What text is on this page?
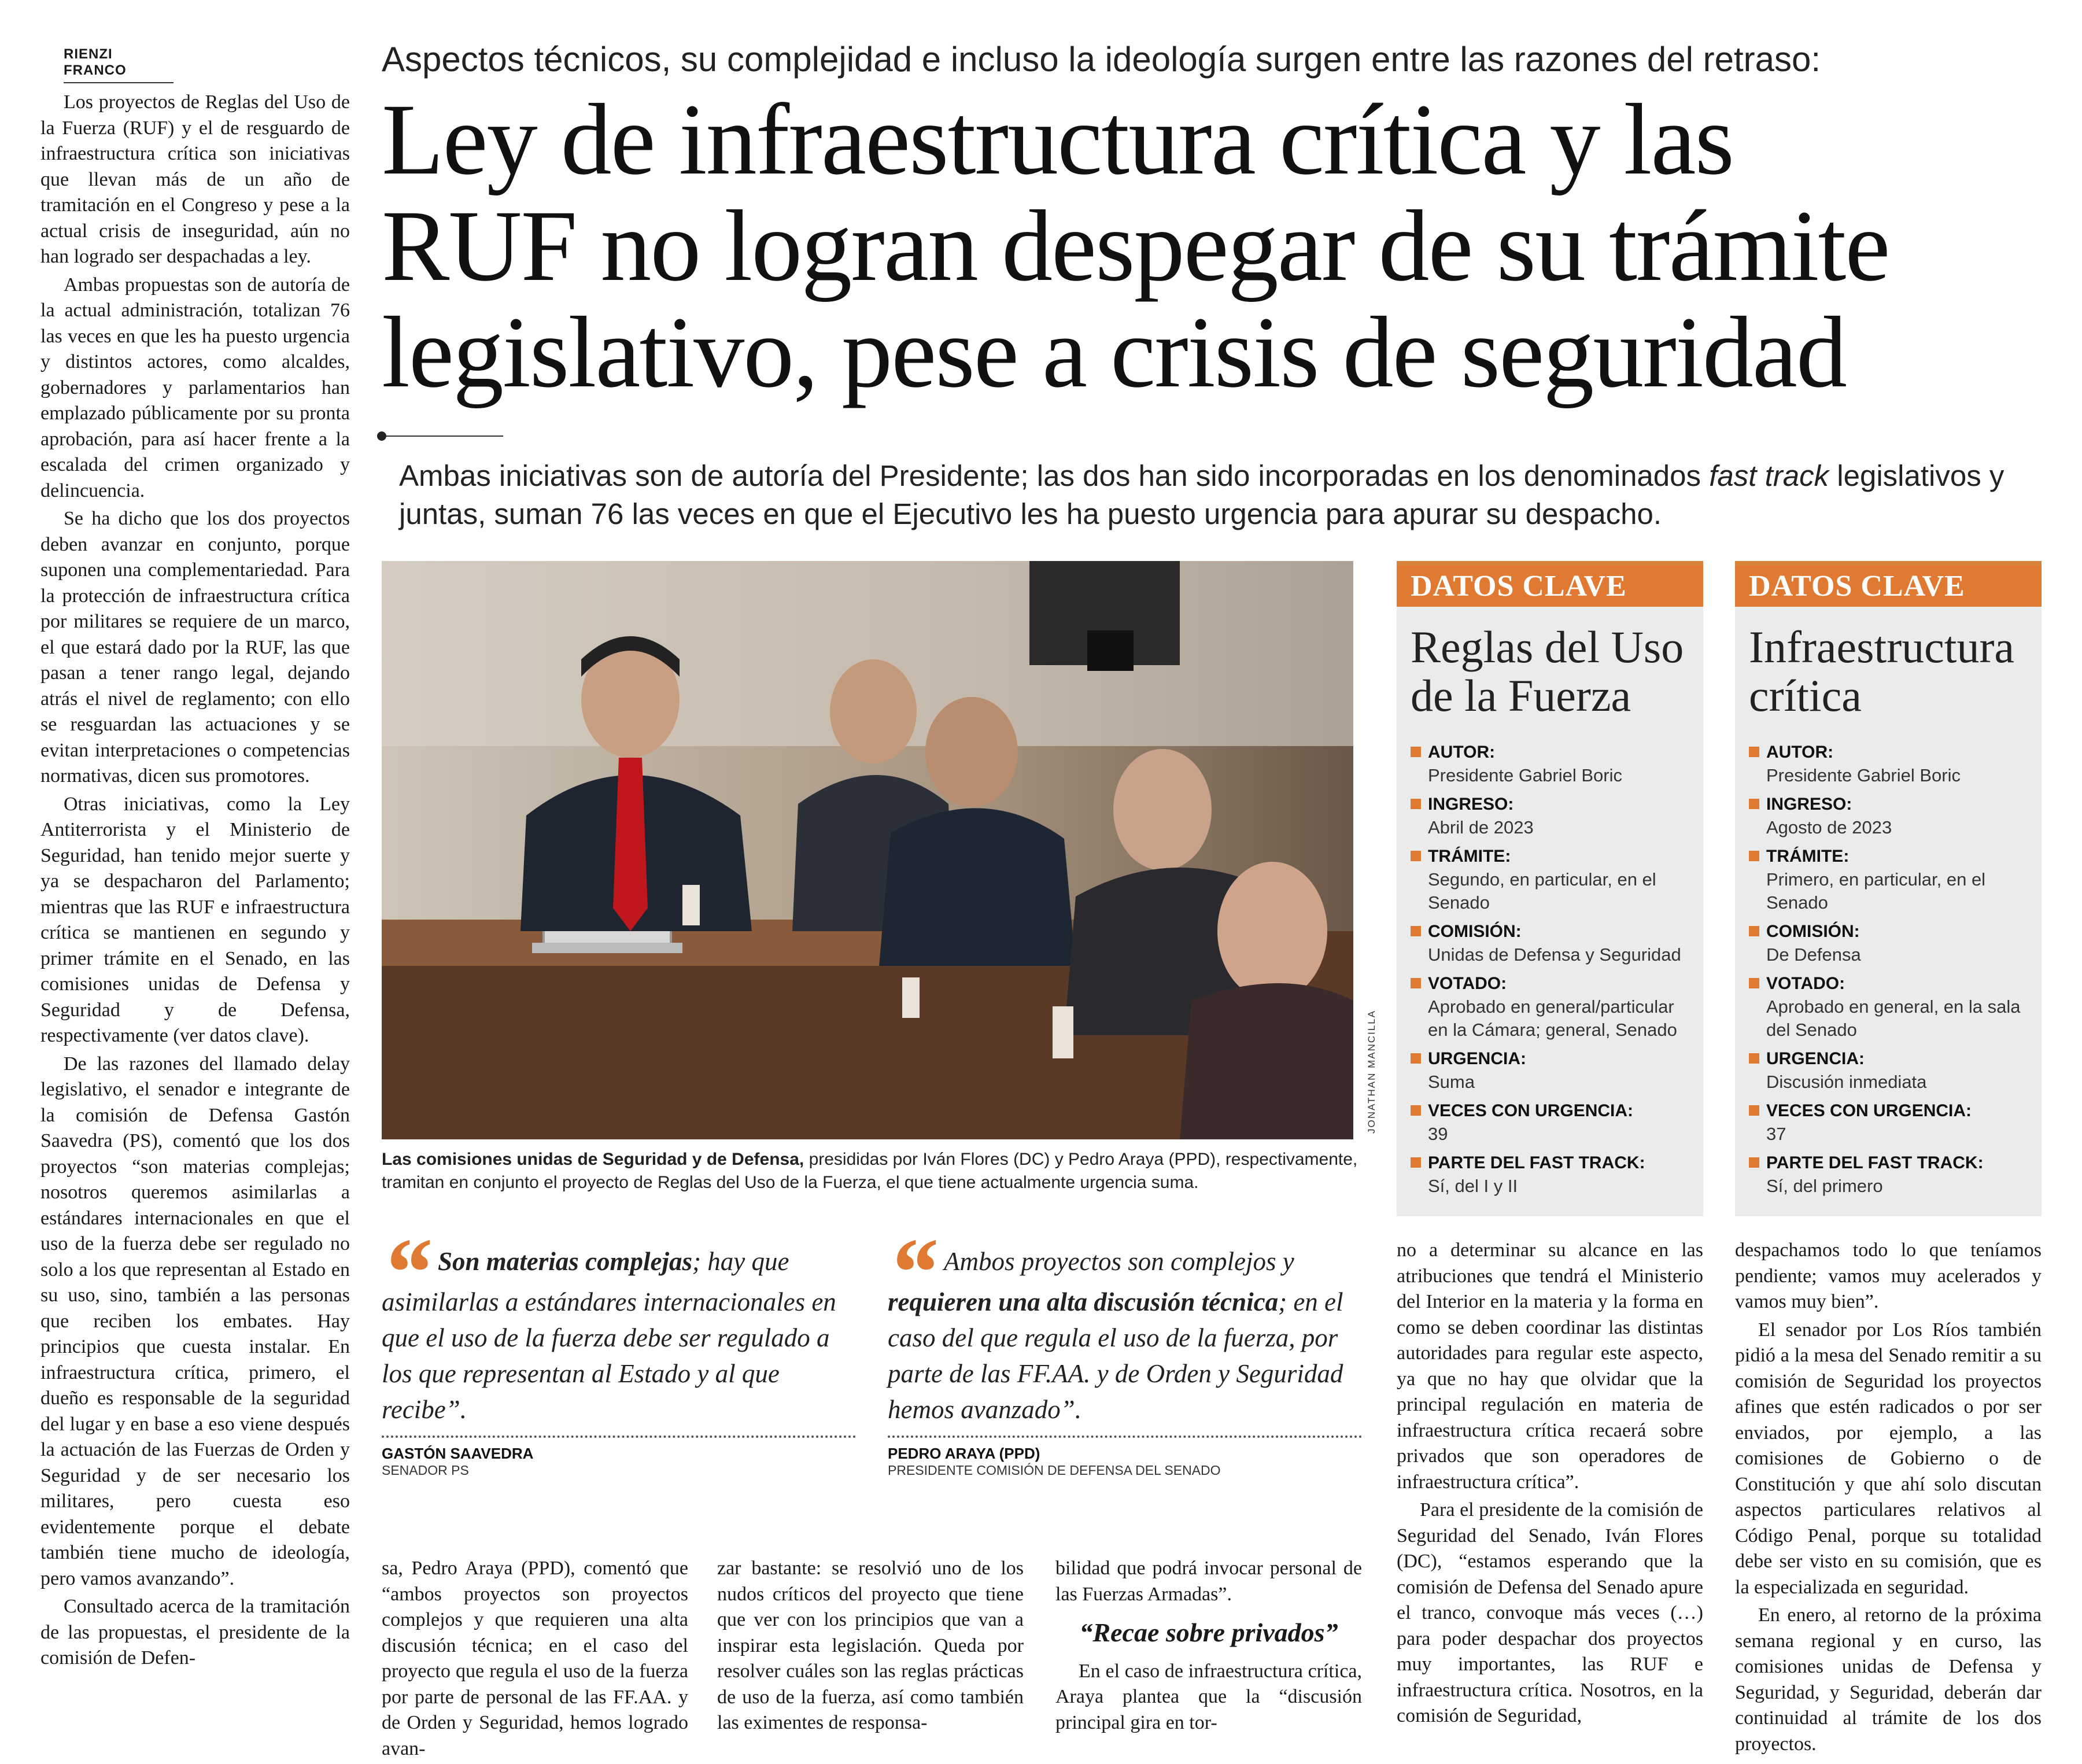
RIENZI FRANCO

Los proyectos de Reglas del Uso de la Fuerza (RUF) y el de resguardo de infraestructura crítica son iniciativas que llevan más de un año de tramitación en el Congreso y pese a la actual crisis de inseguridad, aún no han logrado ser despachadas a ley.

Ambas propuestas son de autoría de la actual administración, totalizan 76 las veces en que les ha puesto urgencia y distintos actores, como alcaldes, gobernadores y parlamentarios han emplazado públicamente por su pronta aprobación, para así hacer frente a la escalada del crimen organizado y delincuencia.

Se ha dicho que los dos proyectos deben avanzar en conjunto, porque suponen una complementariedad. Para la protección de infraestructura crítica por militares se requiere de un marco, el que estará dado por la RUF, las que pasan a tener rango legal, dejando atrás el nivel de reglamento; con ello se resguardan las actuaciones y se evitan interpretaciones o competencias normativas, dicen sus promotores.

Otras iniciativas, como la Ley Antiterrorista y el Ministerio de Seguridad, han tenido mejor suerte y ya se despacharon del Parlamento; mientras que las RUF e infraestructura crítica se mantienen en segundo y primer trámite en el Senado, en las comisiones unidas de Defensa y Seguridad y de Defensa, respectivamente (ver datos clave).

De las razones del llamado delay legislativo, el senador e integrante de la comisión de Defensa Gastón Saavedra (PS), comentó que los dos proyectos “son materias complejas; nosotros queremos asimilarlas a estándares internacionales en que el uso de la fuerza debe ser regulado no solo a los que representan al Estado en su uso, sino, también a las personas que reciben los embates. Hay principios que cuesta instalar. En infraestructura crítica, primero, el dueño es responsable de la seguridad del lugar y en base a eso viene después la actuación de las Fuerzas de Orden y Seguridad y de ser necesario los militares, pero cuesta eso evidentemente porque el debate también tiene mucho de ideología, pero vamos avanzando”.

Consultado acerca de la tramitación de las propuestas, el presidente de la comisión de Defen-

Aspectos técnicos, su complejidad e incluso la ideología surgen entre las razones del retraso:
Ley de infraestructura crítica y las
RUF no logran despegar de su trámite
legislativo, pese a crisis de seguridad
Ambas iniciativas son de autoría del Presidente; las dos han sido incorporadas en los denominados fast track legislativos y juntas, suman 76 las veces en que el Ejecutivo les ha puesto urgencia para apurar su despacho.
JONATHAN MANCILLA
Las comisiones unidas de Seguridad y de Defensa, presididas por Iván Flores (DC) y Pedro Araya (PPD), respectivamente, tramitan en conjunto el proyecto de Reglas del Uso de la Fuerza, el que tiene actualmente urgencia suma.
DATOS CLAVE
Reglas del Uso de la Fuerza
AUTOR:
Presidente Gabriel Boric
INGRESO:
Abril de 2023
TRÁMITE:
Segundo, en particular, en el Senado
COMISIÓN:
Unidas de Defensa y Seguridad
VOTADO:
Aprobado en general/particular en la Cámara; general, Senado
URGENCIA:
Suma
VECES CON URGENCIA:
39
PARTE DEL FAST TRACK:
Sí, del I y II
DATOS CLAVE
Infraestructura crítica
AUTOR:
Presidente Gabriel Boric
INGRESO:
Agosto de 2023
TRÁMITE:
Primero, en particular, en el Senado
COMISIÓN:
De Defensa
VOTADO:
Aprobado en general, en la sala del Senado
URGENCIA:
Discusión inmediata
VECES CON URGENCIA:
37
PARTE DEL FAST TRACK:
Sí, del primero
“ Son materias complejas; hay que asimilarlas a estándares internacionales en que el uso de la fuerza debe ser regulado a los que representan al Estado y al que recibe”.
GASTÓN SAAVEDRA
SENADOR PS
“ Ambos proyectos son complejos y requieren una alta discusión técnica; en el caso del que regula el uso de la fuerza, por parte de las FF.AA. y de Orden y Seguridad hemos avanzado”.
PEDRO ARAYA (PPD)
PRESIDENTE COMISIÓN DE DEFENSA DEL SENADO

sa, Pedro Araya (PPD), comentó que “ambos proyectos son proyectos complejos y que requieren una alta discusión técnica; en el caso del proyecto que regula el uso de la fuerza por parte de personal de las FF.AA. y de Orden y Seguridad, hemos logrado avan-

zar bastante: se resolvió uno de los nudos críticos del proyecto que tiene que ver con los principios que van a inspirar esta legislación. Queda por resolver cuáles son las reglas prácticas de uso de la fuerza, así como también las eximentes de responsa-

bilidad que podrá invocar personal de las Fuerzas Armadas”.

“Recae sobre privados”

En el caso de infraestructura crítica, Araya plantea que la “discusión principal gira en tor-

no a determinar su alcance en las atribuciones que tendrá el Ministerio del Interior en la materia y la forma en como se deben coordinar las distintas autoridades para regular este aspecto, ya que no hay que olvidar que la principal regulación en materia de infraestructura crítica recaerá sobre privados que son operadores de infraestructura crítica”.

Para el presidente de la comisión de Seguridad del Senado, Iván Flores (DC), “estamos esperando que la comisión de Defensa del Senado apure el tranco, convoque más veces (…) para poder despachar dos proyectos muy importantes, las RUF e infraestructura crítica. Nosotros, en la comisión de Seguridad,

despachamos todo lo que teníamos pendiente; vamos muy acelerados y vamos muy bien”.

El senador por Los Ríos también pidió a la mesa del Senado remitir a su comisión de Seguridad los proyectos afines que estén radicados o por ser enviados, por ejemplo, a las comisiones de Gobierno o de Constitución y que ahí solo discutan aspectos particulares relativos al Código Penal, porque su totalidad debe ser visto en su comisión, que es la especializada en seguridad.

En enero, al retorno de la próxima semana regional y en curso, las comisiones unidas de Defensa y Seguridad, y Seguridad, deberán dar continuidad al trámite de los dos proyectos.
